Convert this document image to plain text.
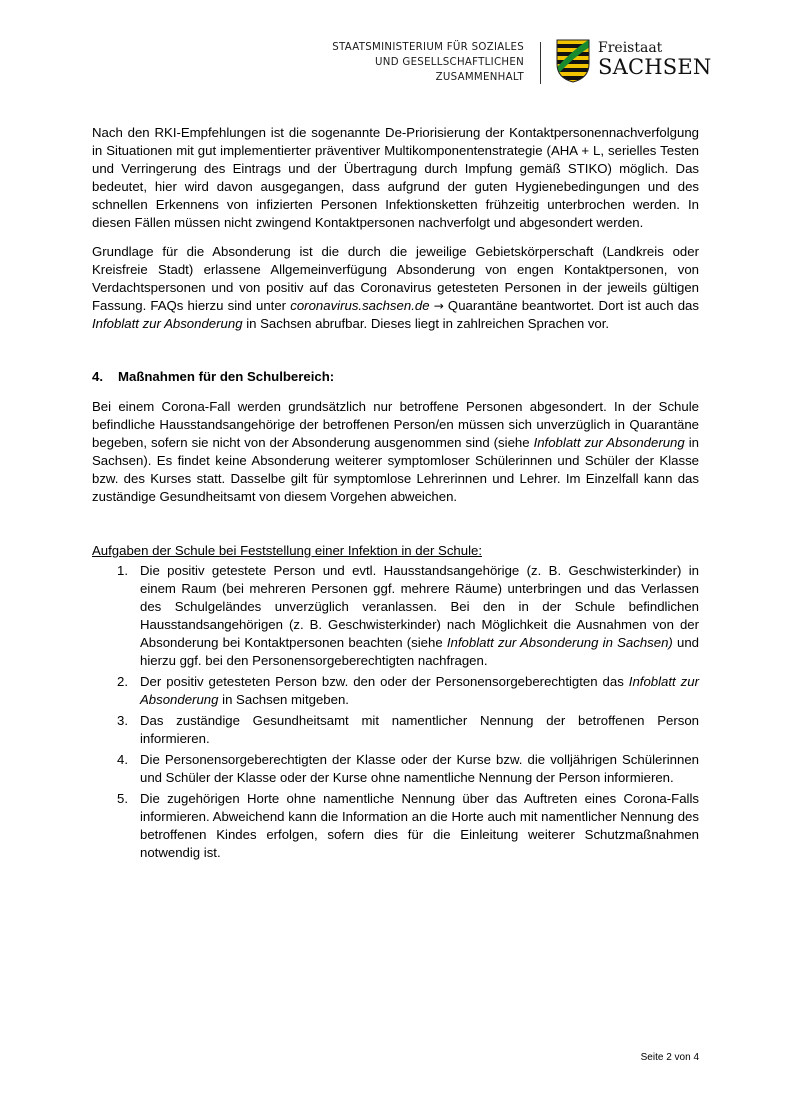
STAATSMINISTERIUM FÜR SOZIALES
UND GESELLSCHAFTLICHEN
ZUSAMMENHALT
Freistaat
SACHSEN

Nach den RKI-Empfehlungen ist die sogenannte De-Priorisierung der Kontaktpersonennachverfolgung in Situationen mit gut implementierter präventiver Multikomponentenstrategie (AHA + L, serielles Testen und Verringerung des Eintrags und der Übertragung durch Impfung gemäß STIKO) möglich. Das bedeutet, hier wird davon ausgegangen, dass aufgrund der guten Hygienebedingungen und des schnellen Erkennens von infizierten Personen Infektionsketten frühzeitig unterbrochen werden. In diesen Fällen müssen nicht zwingend Kontaktpersonen nachverfolgt und abgesondert werden.

Grundlage für die Absonderung ist die durch die jeweilige Gebietskörperschaft (Landkreis oder Kreisfreie Stadt) erlassene Allgemeinverfügung Absonderung von engen Kontaktpersonen, von Verdachtspersonen und von positiv auf das Coronavirus getesteten Personen in der jeweils gültigen Fassung. FAQs hierzu sind unter coronavirus.sachsen.de → Quarantäne beantwortet. Dort ist auch das Infoblatt zur Absonderung in Sachsen abrufbar. Dieses liegt in zahlreichen Sprachen vor.

4. Maßnahmen für den Schulbereich:

Bei einem Corona-Fall werden grundsätzlich nur betroffene Personen abgesondert. In der Schule befindliche Hausstandsangehörige der betroffenen Person/en müssen sich unverzüglich in Quarantäne begeben, sofern sie nicht von der Absonderung ausgenommen sind (siehe Infoblatt zur Absonderung in Sachsen). Es findet keine Absonderung weiterer symptomloser Schülerinnen und Schüler der Klasse bzw. des Kurses statt. Dasselbe gilt für symptomlose Lehrerinnen und Lehrer. Im Einzelfall kann das zuständige Gesundheitsamt von diesem Vorgehen abweichen.

Aufgaben der Schule bei Feststellung einer Infektion in der Schule:
1. Die positiv getestete Person und evtl. Hausstandsangehörige (z. B. Geschwisterkinder) in einem Raum (bei mehreren Personen ggf. mehrere Räume) unterbringen und das Verlassen des Schulgeländes unverzüglich veranlassen. Bei den in der Schule befindlichen Hausstandsangehörigen (z. B. Geschwisterkinder) nach Möglichkeit die Ausnahmen von der Absonderung bei Kontaktpersonen beachten (siehe Infoblatt zur Absonderung in Sachsen) und hierzu ggf. bei den Personensorgeberechtigten nachfragen.
2. Der positiv getesteten Person bzw. den oder der Personensorgeberechtigten das Infoblatt zur Absonderung in Sachsen mitgeben.
3. Das zuständige Gesundheitsamt mit namentlicher Nennung der betroffenen Person informieren.
4. Die Personensorgeberechtigten der Klasse oder der Kurse bzw. die volljährigen Schülerinnen und Schüler der Klasse oder der Kurse ohne namentliche Nennung der Person informieren.
5. Die zugehörigen Horte ohne namentliche Nennung über das Auftreten eines Corona-Falls informieren. Abweichend kann die Information an die Horte auch mit namentlicher Nennung des betroffenen Kindes erfolgen, sofern dies für die Einleitung weiterer Schutzmaßnahmen notwendig ist.
Seite 2 von 4
